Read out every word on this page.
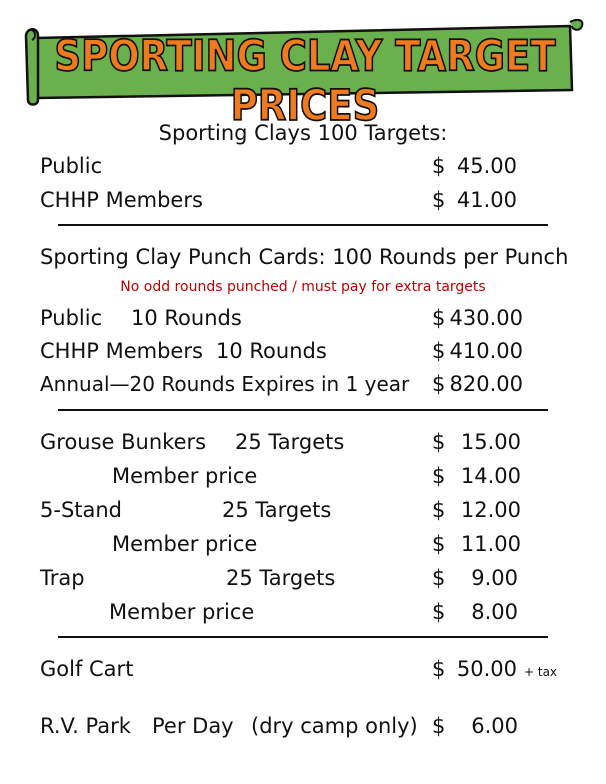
SPORTING CLAY TARGET PRICES
Sporting Clays 100 Targets:
Public	$ 45.00
CHHP Members	$ 41.00
Sporting Clay Punch Cards: 100 Rounds per Punch
No odd rounds punched / must pay for extra targets
Public 10 Rounds	$ 430.00
CHHP Members 10 Rounds	$ 410.00
Annual—20 Rounds Expires in 1 year $ 820.00
Grouse Bunkers 25 Targets	$ 15.00
Member price	$ 14.00
5-Stand	25 Targets	$ 12.00
Member price	$ 11.00
Trap	25 Targets	$	9.00
Member price	$	8.00
Golf Cart	$ 50.00 + tax
R.V. Park Per Day (dry camp only) $	6.00
